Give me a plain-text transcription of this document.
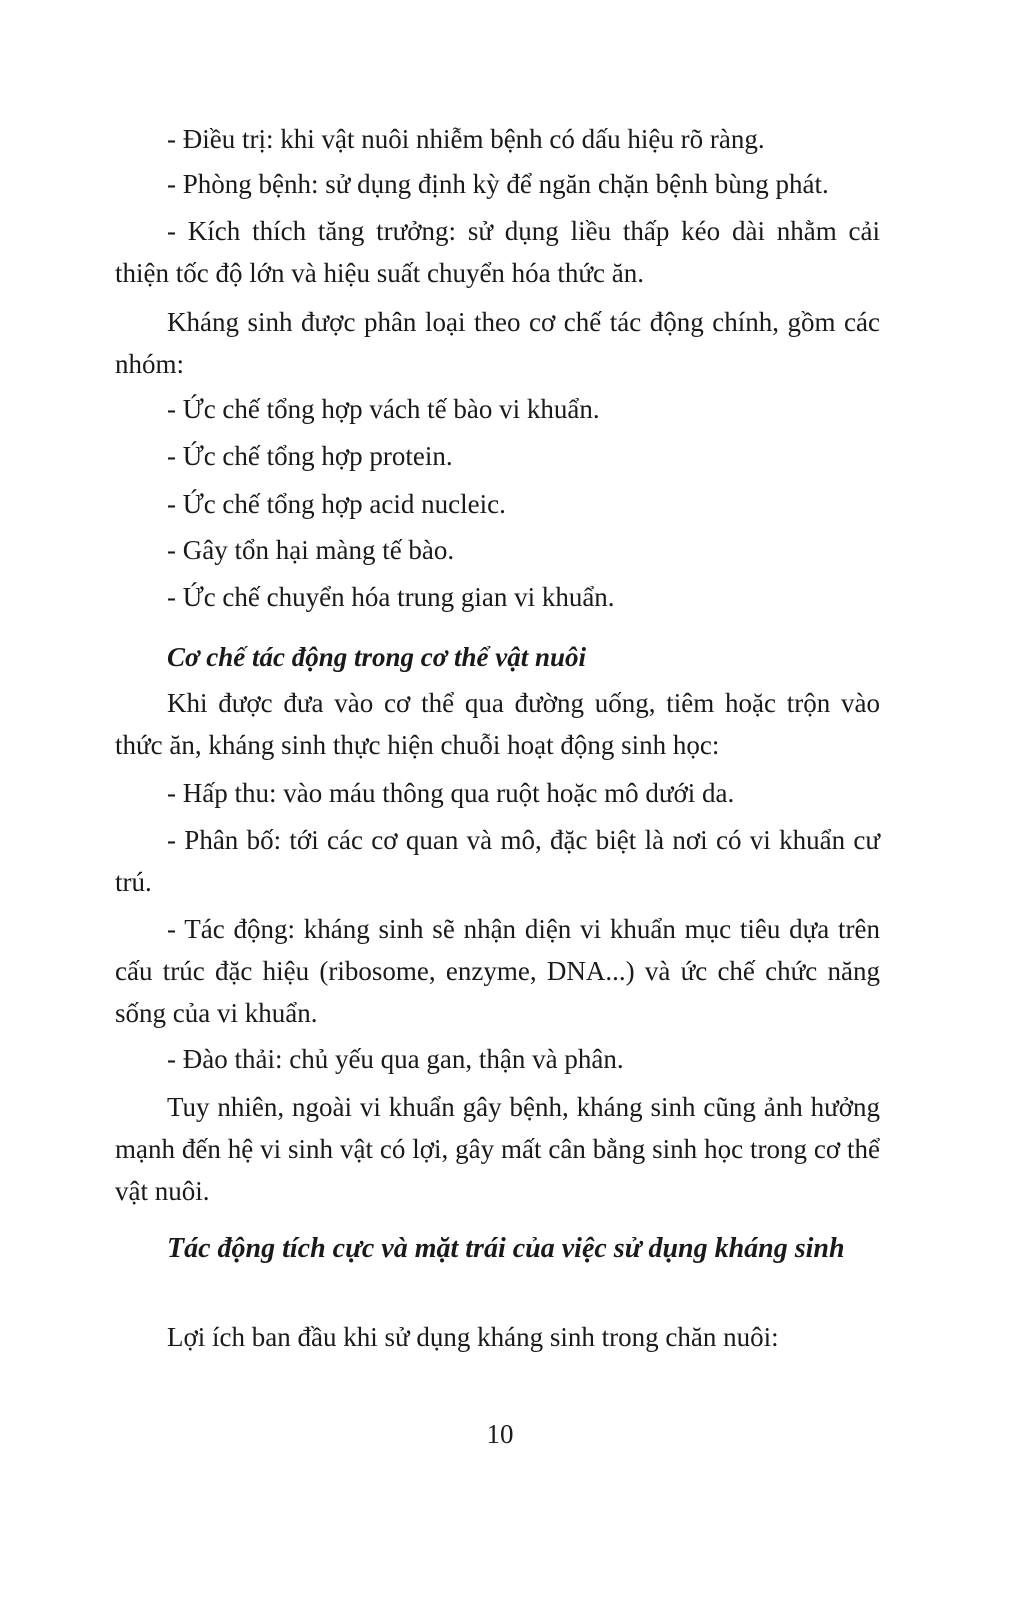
- Điều trị: khi vật nuôi nhiễm bệnh có dấu hiệu rõ ràng.
- Phòng bệnh: sử dụng định kỳ để ngăn chặn bệnh bùng phát.
- Kích thích tăng trưởng: sử dụng liều thấp kéo dài nhằm cải thiện tốc độ lớn và hiệu suất chuyển hóa thức ăn.
Kháng sinh được phân loại theo cơ chế tác động chính, gồm các nhóm:
- Ức chế tổng hợp vách tế bào vi khuẩn.
- Ức chế tổng hợp protein.
- Ức chế tổng hợp acid nucleic.
- Gây tổn hại màng tế bào.
- Ức chế chuyển hóa trung gian vi khuẩn.
Cơ chế tác động trong cơ thể vật nuôi
Khi được đưa vào cơ thể qua đường uống, tiêm hoặc trộn vào thức ăn, kháng sinh thực hiện chuỗi hoạt động sinh học:
- Hấp thu: vào máu thông qua ruột hoặc mô dưới da.
- Phân bố: tới các cơ quan và mô, đặc biệt là nơi có vi khuẩn cư trú.
- Tác động: kháng sinh sẽ nhận diện vi khuẩn mục tiêu dựa trên cấu trúc đặc hiệu (ribosome, enzyme, DNA...) và ức chế chức năng sống của vi khuẩn.
- Đào thải: chủ yếu qua gan, thận và phân.
Tuy nhiên, ngoài vi khuẩn gây bệnh, kháng sinh cũng ảnh hưởng mạnh đến hệ vi sinh vật có lợi, gây mất cân bằng sinh học trong cơ thể vật nuôi.
Tác động tích cực và mặt trái của việc sử dụng kháng sinh
Lợi ích ban đầu khi sử dụng kháng sinh trong chăn nuôi:
10
